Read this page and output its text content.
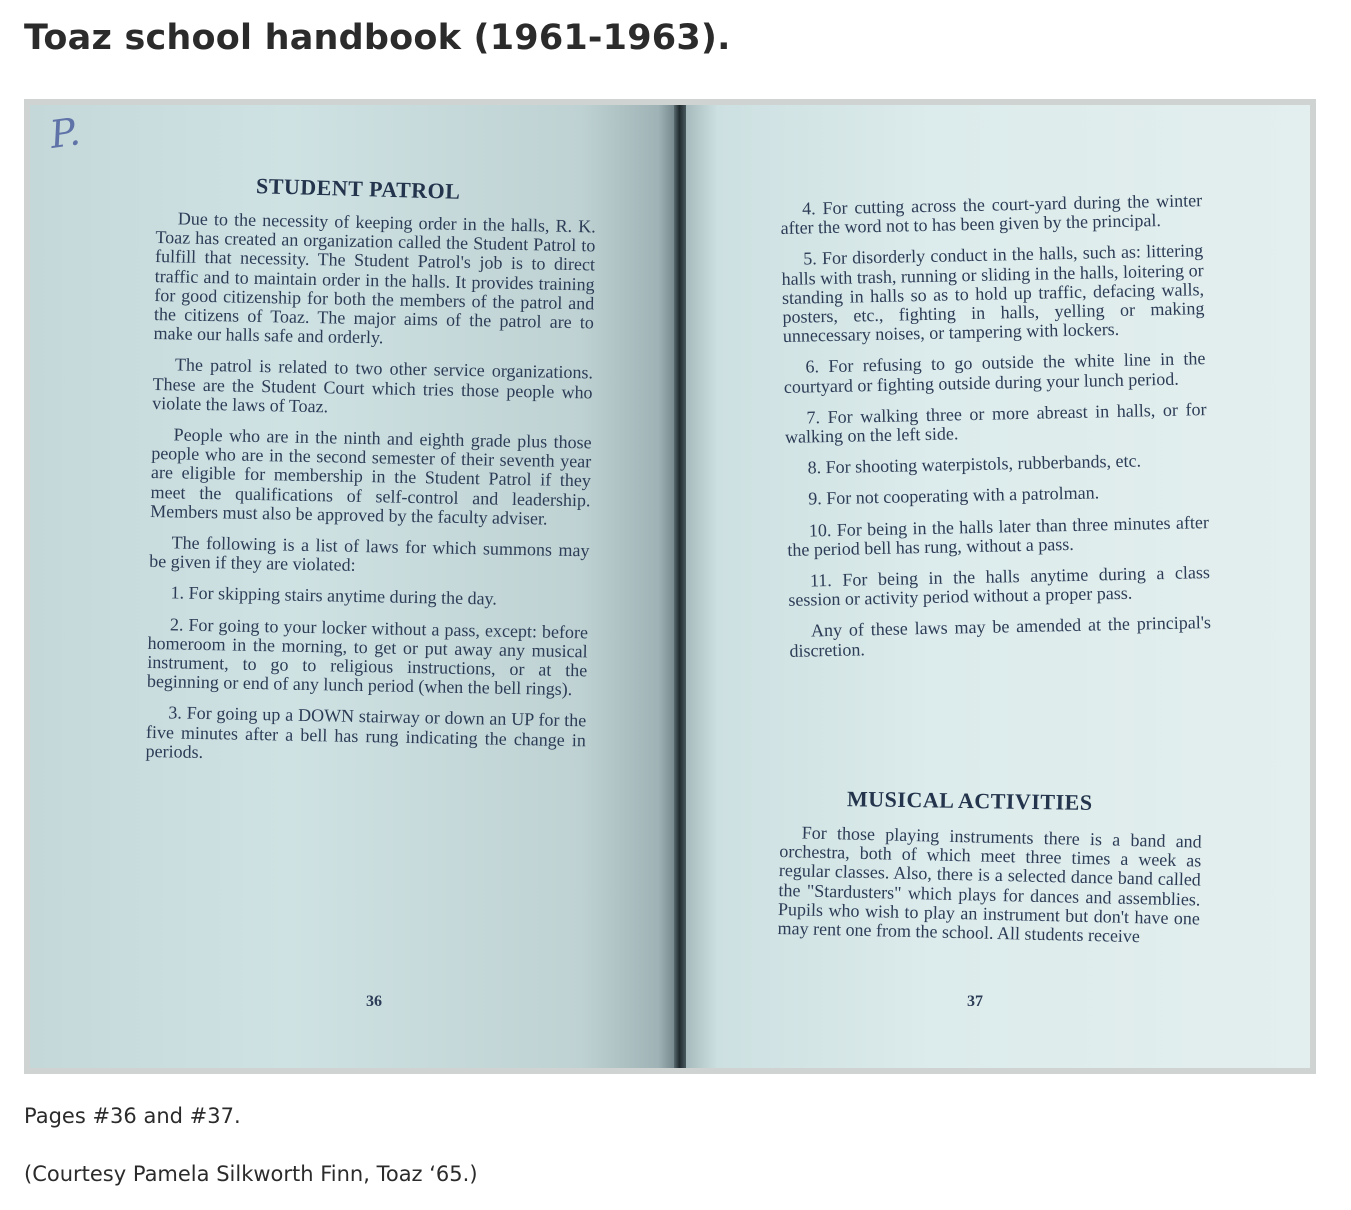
Toaz school handbook (1961-1963).
P.
STUDENT PATROL

Due to the necessity of keeping order in the halls, R. K. Toaz has created an organization called the Student Patrol to fulfill that necessity. The Student Patrol's job is to direct traffic and to maintain order in the halls. It provides training for good citizenship for both the members of the patrol and the citizens of Toaz. The major aims of the patrol are to make our halls safe and orderly.

The patrol is related to two other service organizations. These are the Student Court which tries those people who violate the laws of Toaz.

People who are in the ninth and eighth grade plus those people who are in the second semester of their seventh year are eligible for membership in the Student Patrol if they meet the qualifications of self-control and leadership. Members must also be approved by the faculty adviser.

The following is a list of laws for which summons may be given if they are violated:

1. For skipping stairs anytime during the day.

2. For going to your locker without a pass, except: before homeroom in the morning, to get or put away any musical instrument, to go to religious instructions, or at the beginning or end of any lunch period (when the bell rings).

3. For going up a DOWN stairway or down an UP for the five minutes after a bell has rung indicating the change in periods.

36

4. For cutting across the court-yard during the winter after the word not to has been given by the principal.

5. For disorderly conduct in the halls, such as: littering halls with trash, running or sliding in the halls, loitering or standing in halls so as to hold up traffic, defacing walls, posters, etc., fighting in halls, yelling or making unnecessary noises, or tampering with lockers.

6. For refusing to go outside the white line in the courtyard or fighting outside during your lunch period.

7. For walking three or more abreast in halls, or for walking on the left side.

8. For shooting waterpistols, rubberbands, etc.

9. For not cooperating with a patrolman.

10. For being in the halls later than three minutes after the period bell has rung, without a pass.

11. For being in the halls anytime during a class session or activity period without a proper pass.

Any of these laws may be amended at the principal's discretion.

MUSICAL ACTIVITIES

For those playing instruments there is a band and orchestra, both of which meet three times a week as regular classes. Also, there is a selected dance band called the "Stardusters" which plays for dances and assemblies. Pupils who wish to play an instrument but don't have one may rent one from the school. All students receive

37

Pages #36 and #37.

(Courtesy Pamela Silkworth Finn, Toaz ‘65.)
